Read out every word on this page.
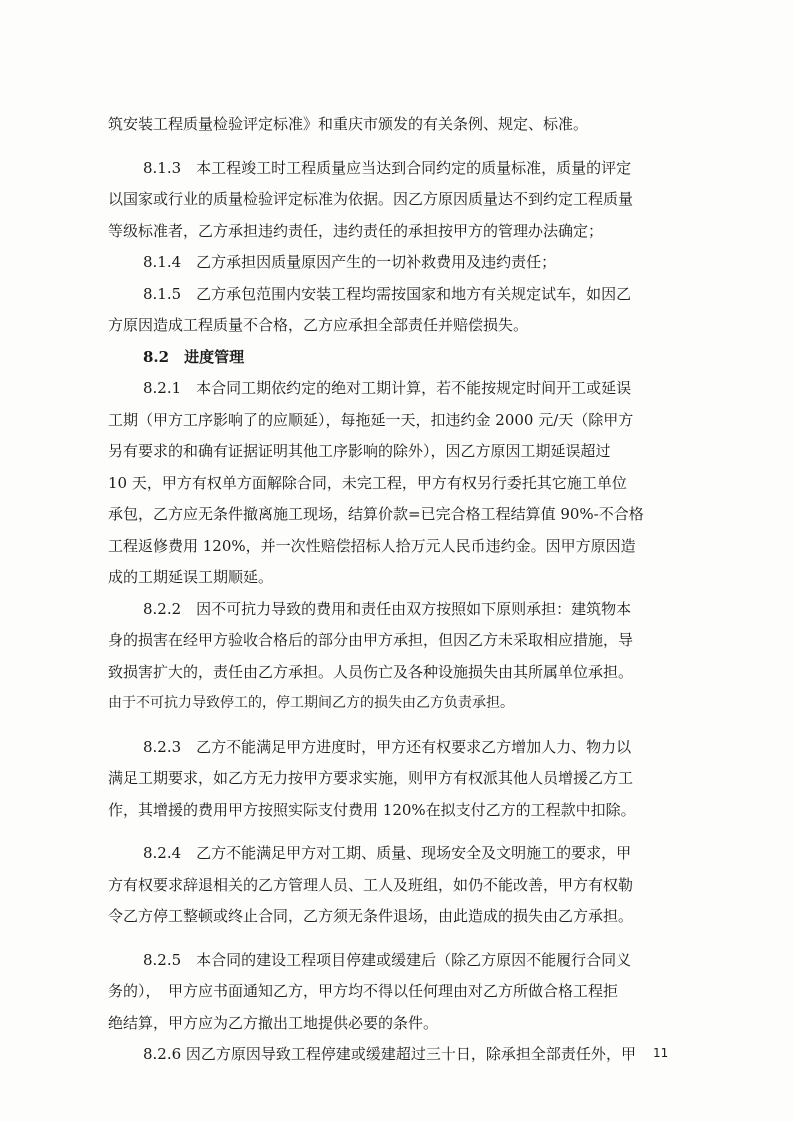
筑安装工程质量检验评定标准》和重庆市颁发的有关条例、规定、标准。

8.1.3　本工程竣工时工程质量应当达到合同约定的质量标准，质量的评定

以国家或行业的质量检验评定标准为依据。因乙方原因质量达不到约定工程质量

等级标准者，乙方承担违约责任，违约责任的承担按甲方的管理办法确定；

8.1.4　乙方承担因质量原因产生的一切补救费用及违约责任；

8.1.5　乙方承包范围内安装工程均需按国家和地方有关规定试车，如因乙

方原因造成工程质量不合格，乙方应承担全部责任并赔偿损失。

8.2　进度管理

8.2.1　本合同工期依约定的绝对工期计算，若不能按规定时间开工或延误

工期（甲方工序影响了的应顺延），每拖延一天，扣违约金 2000 元/天（除甲方

另有要求的和确有证据证明其他工序影响的除外），因乙方原因工期延误超过

10 天，甲方有权单方面解除合同，未完工程，甲方有权另行委托其它施工单位

承包，乙方应无条件撤离施工现场，结算价款=已完合格工程结算值 90%-不合格

工程返修费用 120%，并一次性赔偿招标人拾万元人民币违约金。因甲方原因造

成的工期延误工期顺延。

8.2.2　因不可抗力导致的费用和责任由双方按照如下原则承担：建筑物本

身的损害在经甲方验收合格后的部分由甲方承担，但因乙方未采取相应措施，导

致损害扩大的，责任由乙方承担。人员伤亡及各种设施损失由其所属单位承担。

由于不可抗力导致停工的，停工期间乙方的损失由乙方负责承担。

8.2.3　乙方不能满足甲方进度时，甲方还有权要求乙方增加人力、物力以

满足工期要求，如乙方无力按甲方要求实施，则甲方有权派其他人员增援乙方工

作，其增援的费用甲方按照实际支付费用 120%在拟支付乙方的工程款中扣除。

8.2.4　乙方不能满足甲方对工期、质量、现场安全及文明施工的要求，甲

方有权要求辞退相关的乙方管理人员、工人及班组，如仍不能改善，甲方有权勒

令乙方停工整顿或终止合同，乙方须无条件退场，由此造成的损失由乙方承担。

8.2.5　本合同的建设工程项目停建或缓建后（除乙方原因不能履行合同义

务的），　甲方应书面通知乙方，甲方均不得以任何理由对乙方所做合格工程拒

绝结算，甲方应为乙方撤出工地提供必要的条件。

8.2.6 因乙方原因导致工程停建或缓建超过三十日，除承担全部责任外，甲	11
